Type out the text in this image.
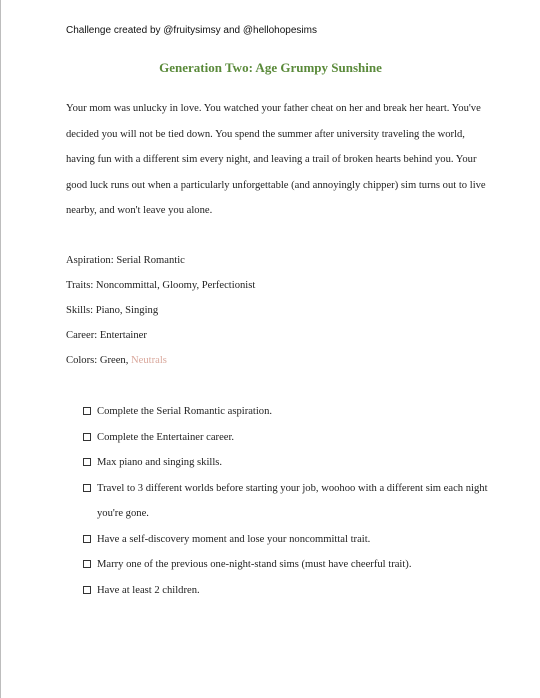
Challenge created by @fruitysimsy and @hellohopesims
Generation Two: Age Grumpy Sunshine

Your mom was unlucky in love. You watched your father cheat on her and break her heart. You've decided you will not be tied down. You spend the summer after university traveling the world, having fun with a different sim every night, and leaving a trail of broken hearts behind you. Your good luck runs out when a particularly unforgettable (and annoyingly chipper) sim turns out to live nearby, and won't leave you alone.

Aspiration: Serial Romantic
Traits: Noncommittal, Gloomy, Perfectionist
Skills: Piano, Singing
Career: Entertainer
Colors: Green, Neutrals
Complete the Serial Romantic aspiration.
Complete the Entertainer career.
Max piano and singing skills.
Travel to 3 different worlds before starting your job, woohoo with a different sim each night you're gone.
Have a self-discovery moment and lose your noncommittal trait.
Marry one of the previous one-night-stand sims (must have cheerful trait).
Have at least 2 children.
